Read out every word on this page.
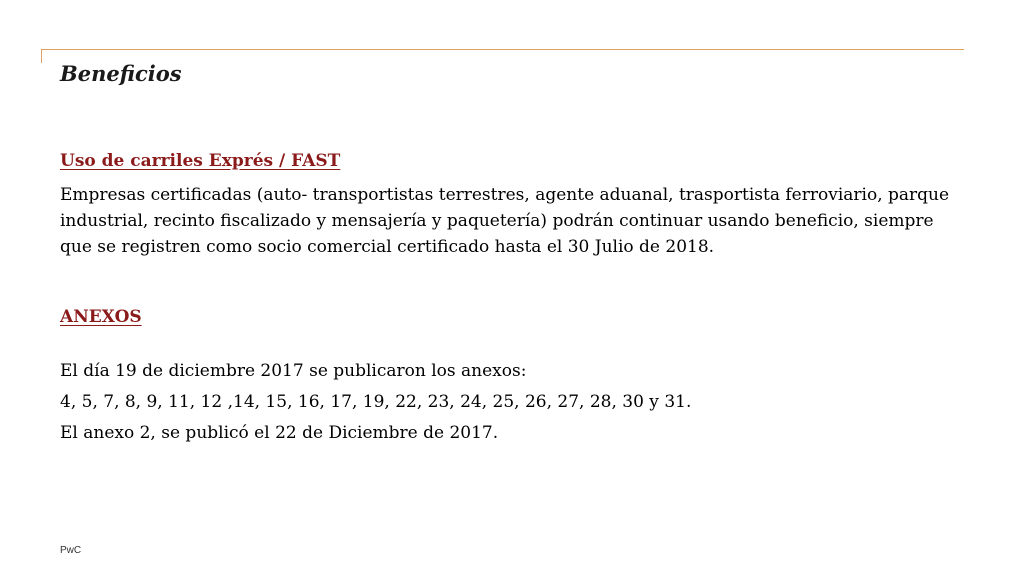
Beneficios

Uso de carriles Exprés / FAST

Empresas certificadas (auto- transportistas terrestres, agente aduanal, trasportista ferroviario, parque industrial, recinto fiscalizado y mensajería y paquetería) podrán continuar usando beneficio, siempre que se registren como socio comercial certificado hasta el 30 Julio de 2018.

ANEXOS

El día 19 de diciembre 2017 se publicaron los anexos:

4, 5, 7, 8, 9, 11, 12 ,14, 15, 16, 17, 19, 22, 23, 24, 25, 26, 27, 28, 30 y 31.

El anexo 2, se publicó el 22 de Diciembre de 2017.

PwC
